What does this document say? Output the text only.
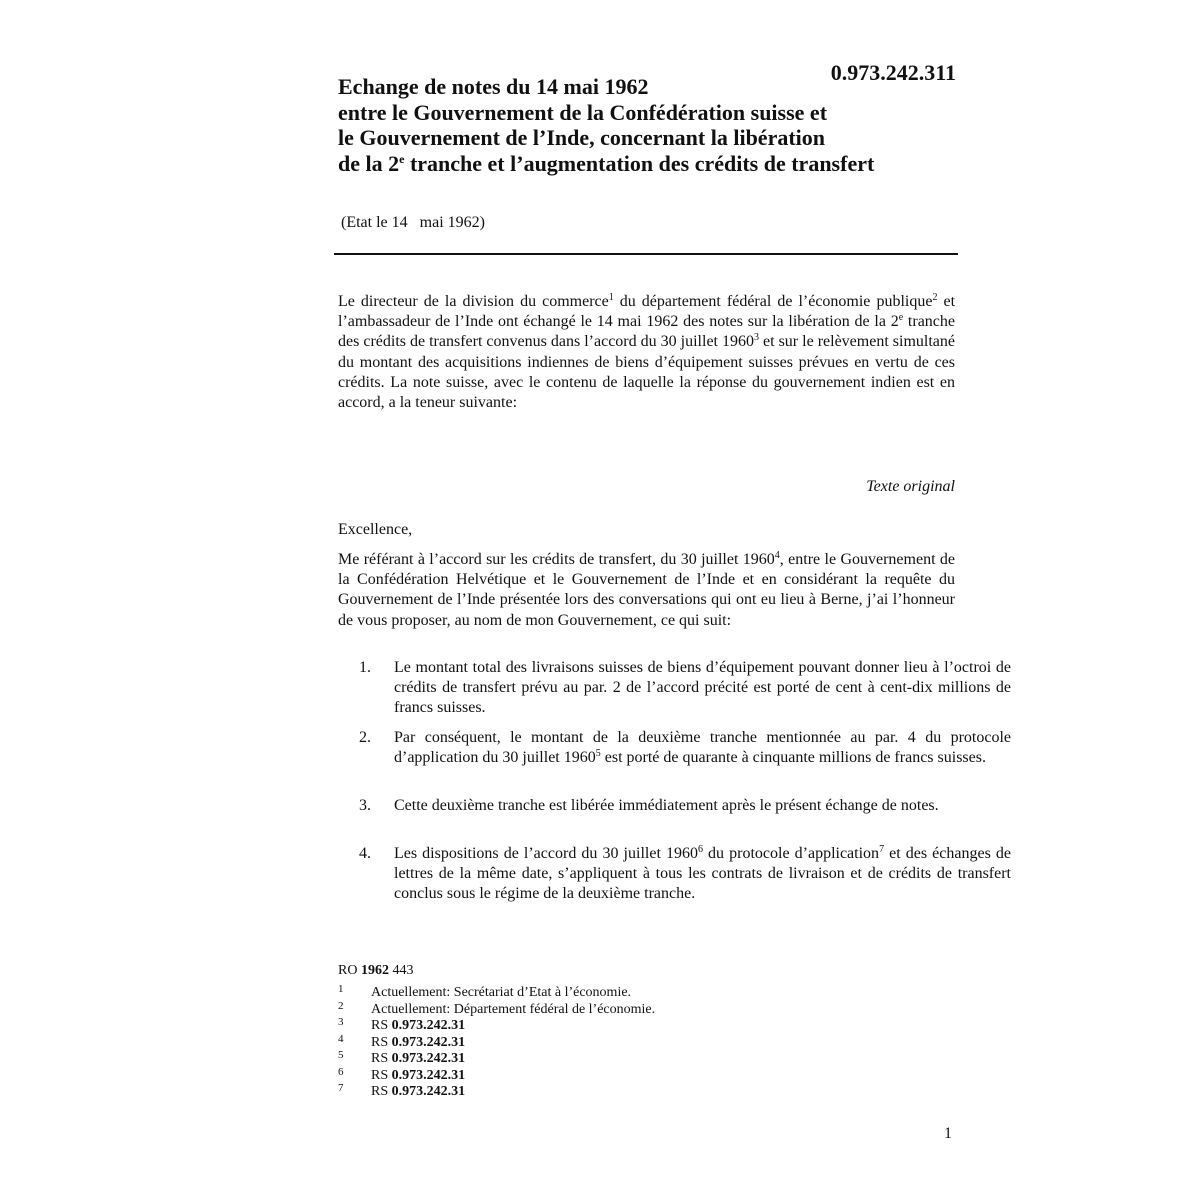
0.973.242.311
Echange de notes du 14 mai 1962
entre le Gouvernement de la Confédération suisse et
le Gouvernement de l’Inde, concernant la libération
de la 2e tranche et l’augmentation des crédits de transfert
(Etat le 14   mai 1962)
Le directeur de la division du commerce$^1$ du département fédéral de l’économie publique$^2$ et l’ambassadeur de l’Inde ont échangé le 14 mai 1962 des notes sur la libération de la 2e tranche des crédits de transfert convenus dans l’accord du 30 juillet 1960$^3$ et sur le relèvement simultané du montant des acquisitions indiennes de biens d’équipement suisses prévues en vertu de ces crédits. La note suisse, avec le contenu de laquelle la réponse du gouvernement indien est en accord, a la teneur suivante:
Texte original
Excellence,
Me référant à l’accord sur les crédits de transfert, du 30 juillet 1960$^4$, entre le Gouvernement de la Confédération Helvétique et le Gouvernement de l’Inde et en considérant la requête du Gouvernement de l’Inde présentée lors des conversations qui ont eu lieu à Berne, j’ai l’honneur de vous proposer, au nom de mon Gouvernement, ce qui suit:
1. Le montant total des livraisons suisses de biens d’équipement pouvant donner lieu à l’octroi de crédits de transfert prévu au par. 2 de l’accord précité est porté de cent à cent-dix millions de francs suisses.
2. Par conséquent, le montant de la deuxième tranche mentionnée au par. 4 du protocole d’application du 30 juillet 1960$^5$ est porté de quarante à cinquante millions de francs suisses.
3. Cette deuxième tranche est libérée immédiatement après le présent échange de notes.
4. Les dispositions de l’accord du 30 juillet 1960$^6$ du protocole d’application$^7$ et des échanges de lettres de la même date, s’appliquent à tous les contrats de livraison et de crédits de transfert conclus sous le régime de la deuxième tranche.
RO 1962 443
1 Actuellement: Secrétariat d’Etat à l’économie.
2 Actuellement: Département fédéral de l’économie.
3 RS 0.973.242.31
4 RS 0.973.242.31
5 RS 0.973.242.31
6 RS 0.973.242.31
7 RS 0.973.242.31
1
